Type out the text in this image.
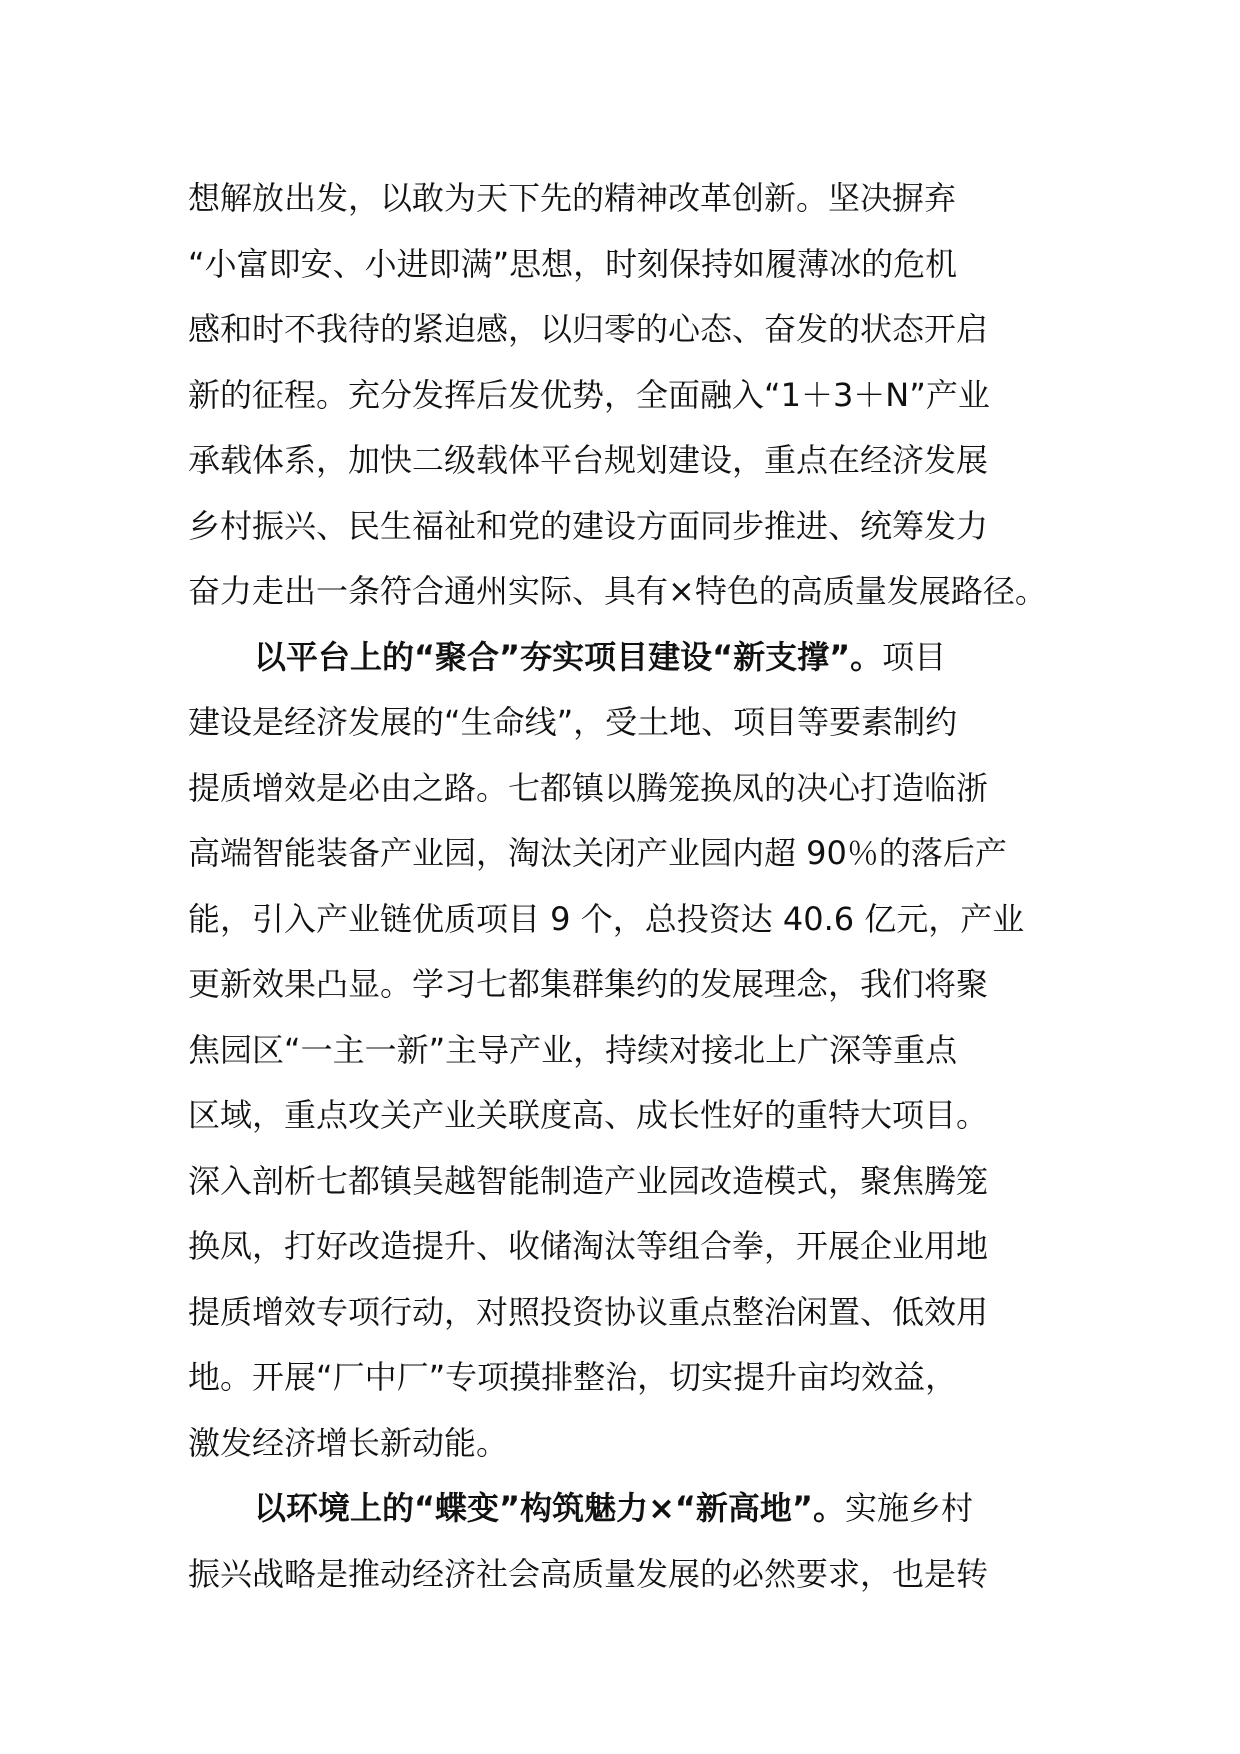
想解放出发，以敢为天下先的精神改革创新。坚决摒弃
“小富即安、小进即满”思想，时刻保持如履薄冰的危机
感和时不我待的紧迫感，以归零的心态、奋发的状态开启
新的征程。充分发挥后发优势，全面融入“1＋3＋N”产业
承载体系，加快二级载体平台规划建设，重点在经济发展
乡村振兴、民生福祉和党的建设方面同步推进、统筹发力
奋力走出一条符合通州实际、具有×特色的高质量发展路径。
以平台上的“聚合”夯实项目建设“新支撑”。项目
建设是经济发展的“生命线”，受土地、项目等要素制约
提质增效是必由之路。七都镇以腾笼换凤的决心打造临浙
高端智能装备产业园，淘汰关闭产业园内超 90％的落后产
能，引入产业链优质项目 9 个，总投资达 40.6 亿元，产业
更新效果凸显。学习七都集群集约的发展理念，我们将聚
焦园区“一主一新”主导产业，持续对接北上广深等重点
区域，重点攻关产业关联度高、成长性好的重特大项目。
深入剖析七都镇吴越智能制造产业园改造模式，聚焦腾笼
换凤，打好改造提升、收储淘汰等组合拳，开展企业用地
提质增效专项行动，对照投资协议重点整治闲置、低效用
地。开展“厂中厂”专项摸排整治，切实提升亩均效益，
激发经济增长新动能。
以环境上的“蝶变”构筑魅力×“新高地”。实施乡村
振兴战略是推动经济社会高质量发展的必然要求，也是转
